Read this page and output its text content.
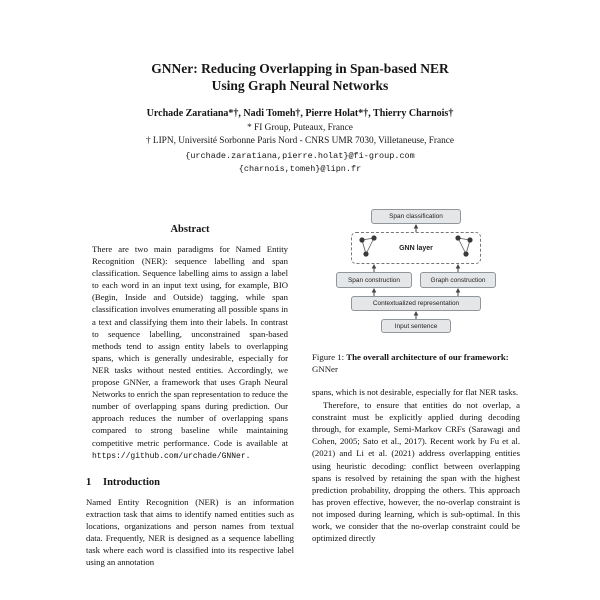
GNNer: Reducing Overlapping in Span-based NER
Using Graph Neural Networks
Urchade Zaratiana*†, Nadi Tomeh†, Pierre Holat*†, Thierry Charnois†
* FI Group, Puteaux, France
† LIPN, Université Sorbonne Paris Nord - CNRS UMR 7030, Villetaneuse, France
{urchade.zaratiana,pierre.holat}@fi-group.com
{charnois,tomeh}@lipn.fr
Abstract
There are two main paradigms for Named Entity Recognition (NER): sequence labelling and span classification. Sequence labelling aims to assign a label to each word in an input text using, for example, BIO (Begin, Inside and Outside) tagging, while span classification involves enumerating all possible spans in a text and classifying them into their labels. In contrast to sequence labelling, unconstrained span-based methods tend to assign entity labels to overlapping spans, which is generally undesirable, especially for NER tasks without nested entities. Accordingly, we propose GNNer, a framework that uses Graph Neural Networks to enrich the span representation to reduce the number of overlapping spans during prediction. Our approach reduces the number of overlapping spans compared to strong baseline while maintaining competitive metric performance. Code is available at https://github.com/urchade/GNNer.
1 Introduction
Named Entity Recognition (NER) is an information extraction task that aims to identify named entities such as locations, organizations and person names from textual data. Frequently, NER is designed as a sequence labelling task where each word is classified into its respective label using an annotation
Span classification
GNN layer
Span construction	Graph construction
Contextualized representation
Input sentence
Figure 1: The overall architecture of our framework: GNNer
spans, which is not desirable, especially for flat NER tasks.
Therefore, to ensure that entities do not overlap, a constraint must be explicitly applied during decoding through, for example, Semi-Markov CRFs (Sarawagi and Cohen, 2005; Sato et al., 2017). Recent work by Fu et al. (2021) and Li et al. (2021) address overlapping entities using heuristic decoding: conflict between overlapping spans is resolved by retaining the span with the highest prediction probability, dropping the others. This approach has proven effective, however, the no-overlap constraint is not imposed during learning, which is sub-optimal. In this work, we consider that the no-overlap constraint could be optimized directly
